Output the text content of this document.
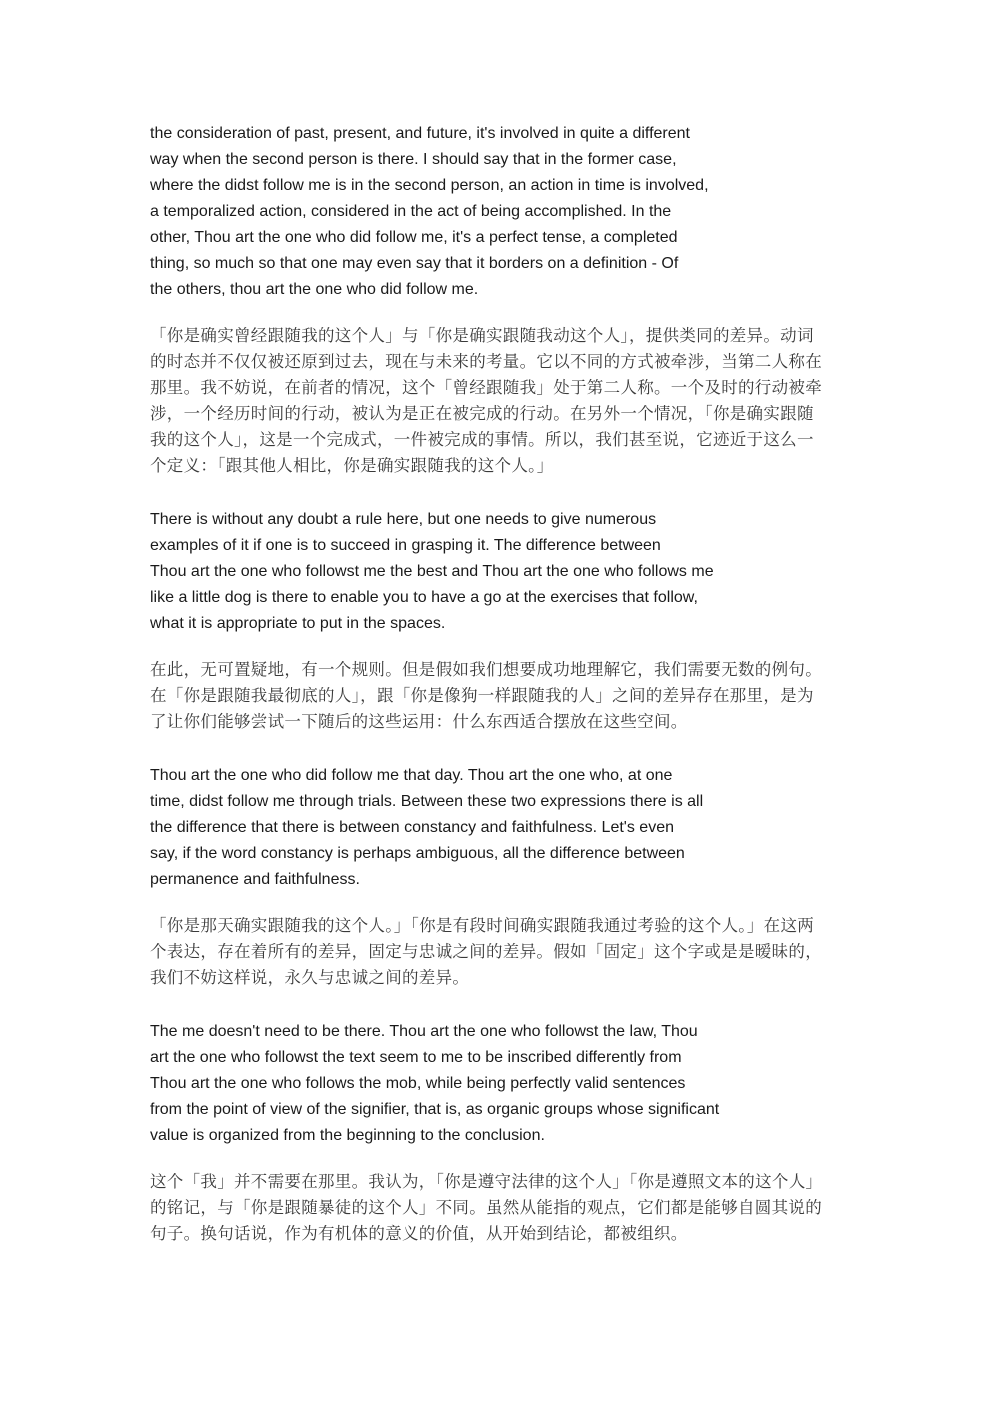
the consideration of past, present, and future, it's involved in quite a different
way when the second person is there. I should say that in the former case,
where the didst follow me is in the second person, an action in time is involved,
a temporalized action, considered in the act of being accomplished. In the
other, Thou art the one who did follow me, it's a perfect tense, a completed
thing, so much so that one may even say that it borders on a definition - Of
the others, thou art the one who did follow me.

「你是确实曾经跟随我的这个人」与「你是确实跟随我动这个人」，提供类同的差异。动词
的时态并不仅仅被还原到过去，现在与未来的考量。它以不同的方式被牵涉，当第二人称在
那里。我不妨说，在前者的情况，这个「曾经跟随我」处于第二人称。一个及时的行动被牵
涉，一个经历时间的行动，被认为是正在被完成的行动。在另外一个情况，「你是确实跟随
我的这个人」，这是一个完成式，一件被完成的事情。所以，我们甚至说，它迹近于这么一
个定义：「跟其他人相比，你是确实跟随我的这个人。」

There is without any doubt a rule here, but one needs to give numerous
examples of it if one is to succeed in grasping it. The difference between
Thou art the one who followst me the best and Thou art the one who follows me
like a little dog is there to enable you to have a go at the exercises that follow,
what it is appropriate to put in the spaces.

在此，无可置疑地，有一个规则。但是假如我们想要成功地理解它，我们需要无数的例句。
在「你是跟随我最彻底的人」，跟「你是像狗一样跟随我的人」之间的差异存在那里，是为
了让你们能够尝试一下随后的这些运用：什么东西适合摆放在这些空间。

Thou art the one who did follow me that day. Thou art the one who, at one
time, didst follow me through trials. Between these two expressions there is all
the difference that there is between constancy and faithfulness. Let's even
say, if the word constancy is perhaps ambiguous, all the difference between
permanence and faithfulness.

「你是那天确实跟随我的这个人。」「你是有段时间确实跟随我通过考验的这个人。」在这两
个表达，存在着所有的差异，固定与忠诚之间的差异。假如「固定」这个字或是是暧昧的，
我们不妨这样说，永久与忠诚之间的差异。

The me doesn't need to be there. Thou art the one who followst the law, Thou
art the one who followst the text seem to me to be inscribed differently from
Thou art the one who follows the mob, while being perfectly valid sentences
from the point of view of the signifier, that is, as organic groups whose significant
value is organized from the beginning to the conclusion.

这个「我」并不需要在那里。我认为，「你是遵守法律的这个人」「你是遵照文本的这个人」
的铭记，与「你是跟随暴徒的这个人」不同。虽然从能指的观点，它们都是能够自圆其说的
句子。换句话说，作为有机体的意义的价值，从开始到结论，都被组织。
